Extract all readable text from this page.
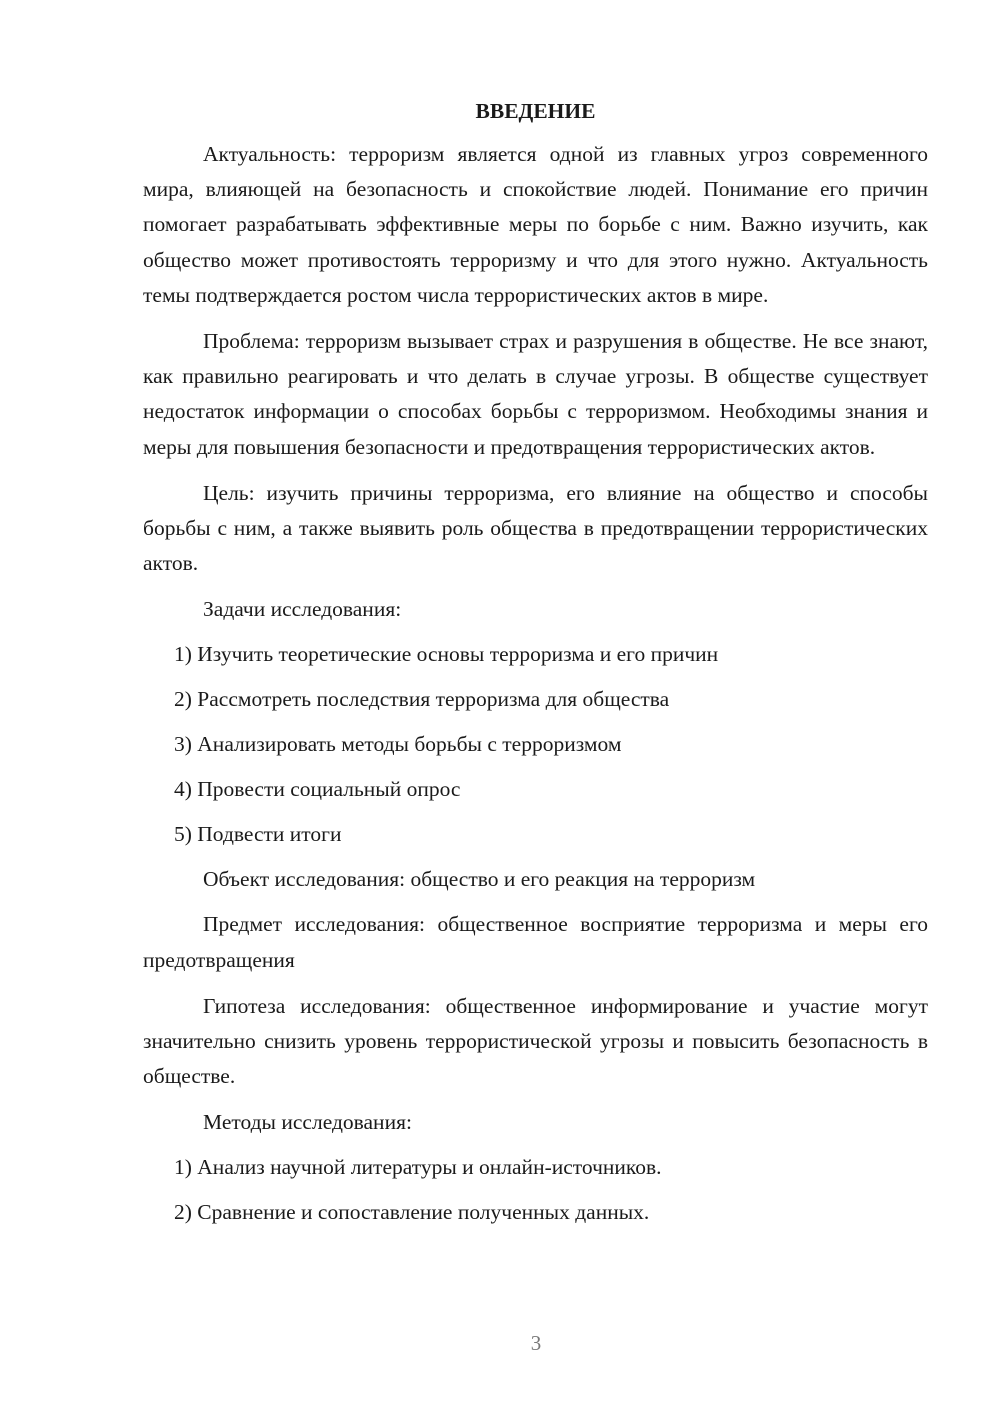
ВВЕДЕНИЕ

Актуальность: терроризм является одной из главных угроз современного мира, влияющей на безопасность и спокойствие людей. Понимание его причин помогает разрабатывать эффективные меры по борьбе с ним. Важно изучить, как общество может противостоять терроризму и что для этого нужно. Актуальность темы подтверждается ростом числа террористических актов в мире.

Проблема: терроризм вызывает страх и разрушения в обществе. Не все знают, как правильно реагировать и что делать в случае угрозы. В обществе существует недостаток информации о способах борьбы с терроризмом. Необходимы знания и меры для повышения безопасности и предотвращения террористических актов.

Цель: изучить причины терроризма, его влияние на общество и способы борьбы с ним, а также выявить роль общества в предотвращении террористических актов.

Задачи исследования:
1) Изучить теоретические основы терроризма и его причин
2) Рассмотреть последствия терроризма для общества
3) Анализировать методы борьбы с терроризмом
4) Провести социальный опрос
5) Подвести итоги
Объект исследования: общество и его реакция на терроризм

Предмет исследования: общественное восприятие терроризма и меры его предотвращения

Гипотеза исследования: общественное информирование и участие могут значительно снизить уровень террористической угрозы и повысить безопасность в обществе.

Методы исследования:
1) Анализ научной литературы и онлайн-источников.
2) Сравнение и сопоставление полученных данных.
3
